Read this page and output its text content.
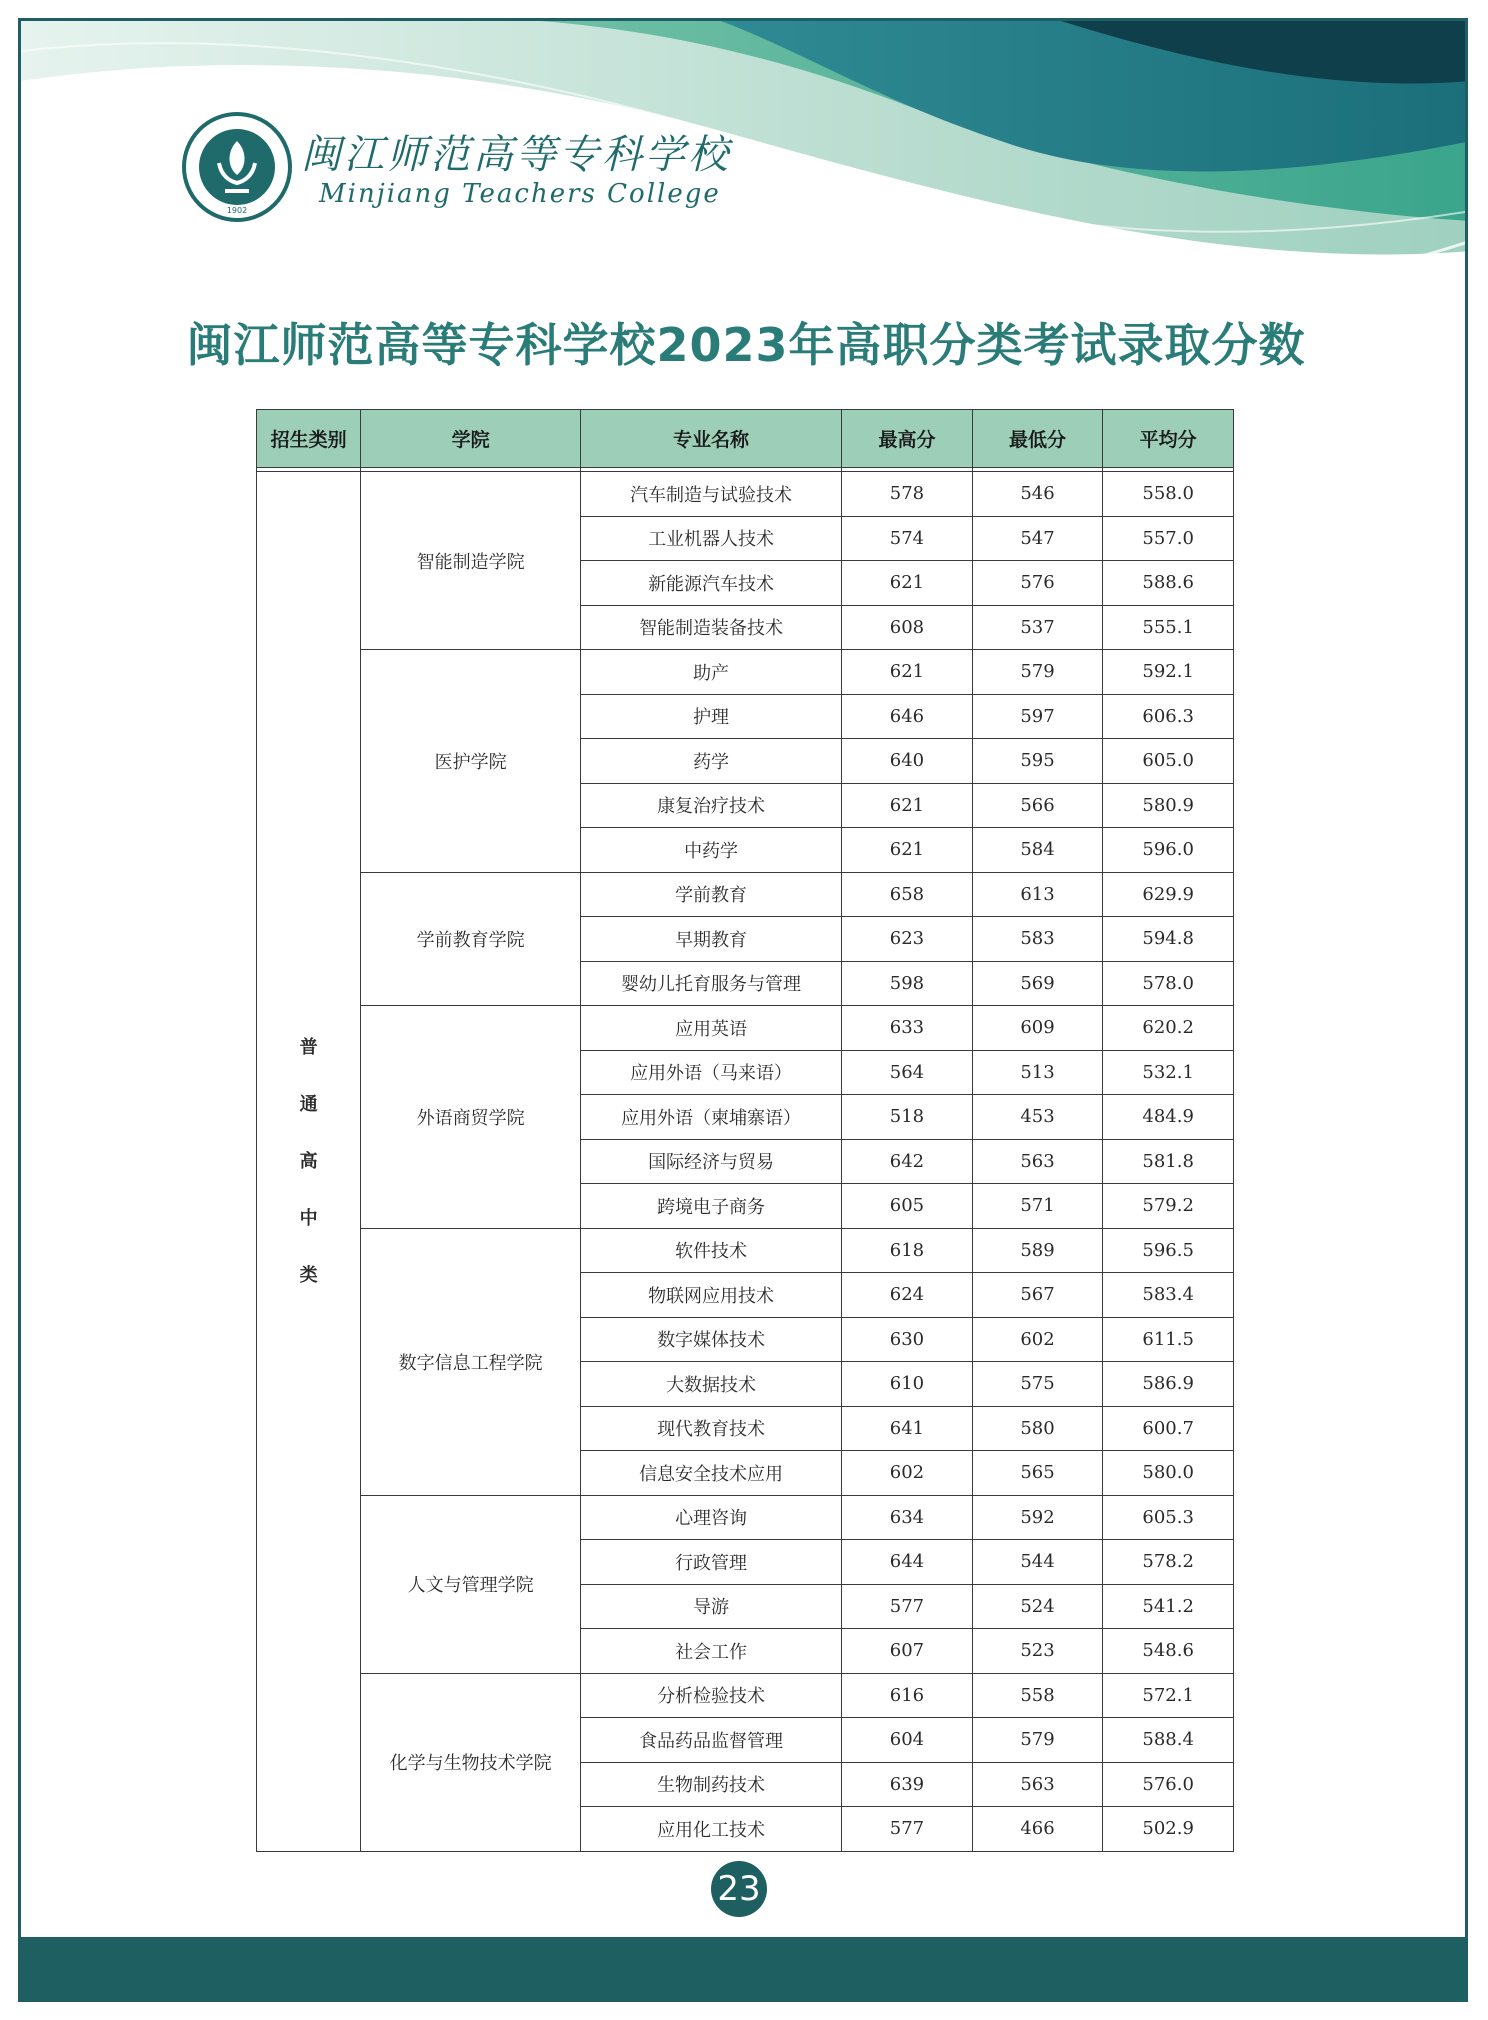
1902
闽江师范高等专科学校
Minjiang Teachers College
闽江师范高等专科学校2023年高职分类考试录取分数
招生类别	学院	专业名称	最高分	最低分	平均分

普
通
高
中
类	智能制造学院	汽车制造与试验技术	578	546	558.0
		工业机器人技术	574	547	557.0
		新能源汽车技术	621	576	588.6
		智能制造装备技术	608	537	555.1
	医护学院	助产	621	579	592.1
		护理	646	597	606.3
		药学	640	595	605.0
		康复治疗技术	621	566	580.9
		中药学	621	584	596.0
	学前教育学院	学前教育	658	613	629.9
		早期教育	623	583	594.8
		婴幼儿托育服务与管理	598	569	578.0
	外语商贸学院	应用英语	633	609	620.2
		应用外语（马来语）	564	513	532.1
		应用外语（柬埔寨语）	518	453	484.9
		国际经济与贸易	642	563	581.8
		跨境电子商务	605	571	579.2
	数字信息工程学院	软件技术	618	589	596.5
		物联网应用技术	624	567	583.4
		数字媒体技术	630	602	611.5
		大数据技术	610	575	586.9
		现代教育技术	641	580	600.7
		信息安全技术应用	602	565	580.0
	人文与管理学院	心理咨询	634	592	605.3
		行政管理	644	544	578.2
		导游	577	524	541.2
		社会工作	607	523	548.6
	化学与生物技术学院	分析检验技术	616	558	572.1
		食品药品监督管理	604	579	588.4
		生物制药技术	639	563	576.0
		应用化工技术	577	466	502.9
23
